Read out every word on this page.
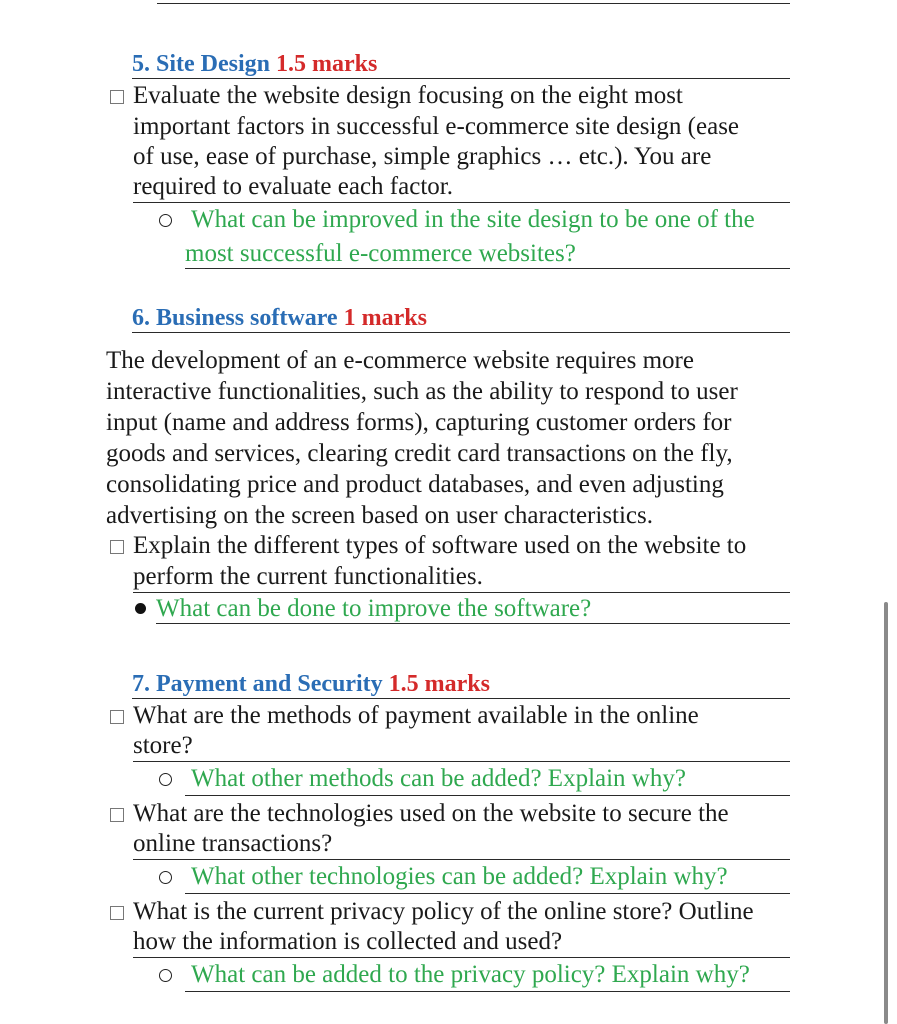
5. Site Design 1.5 marks
Evaluate the website design focusing on the eight most
important factors in successful e-commerce site design (ease
of use, ease of purchase, simple graphics … etc.). You are
required to evaluate each factor.
What can be improved in the site design to be one of the
most successful e-commerce websites?
6. Business software 1 marks
The development of an e-commerce website requires more
interactive functionalities, such as the ability to respond to user
input (name and address forms), capturing customer orders for
goods and services, clearing credit card transactions on the fly,
consolidating price and product databases, and even adjusting
advertising on the screen based on user characteristics.
Explain the different types of software used on the website to
perform the current functionalities.
What can be done to improve the software?
7. Payment and Security 1.5 marks
What are the methods of payment available in the online
store?
What other methods can be added? Explain why?
What are the technologies used on the website to secure the
online transactions?
What other technologies can be added? Explain why?
What is the current privacy policy of the online store? Outline
how the information is collected and used?
What can be added to the privacy policy? Explain why?
